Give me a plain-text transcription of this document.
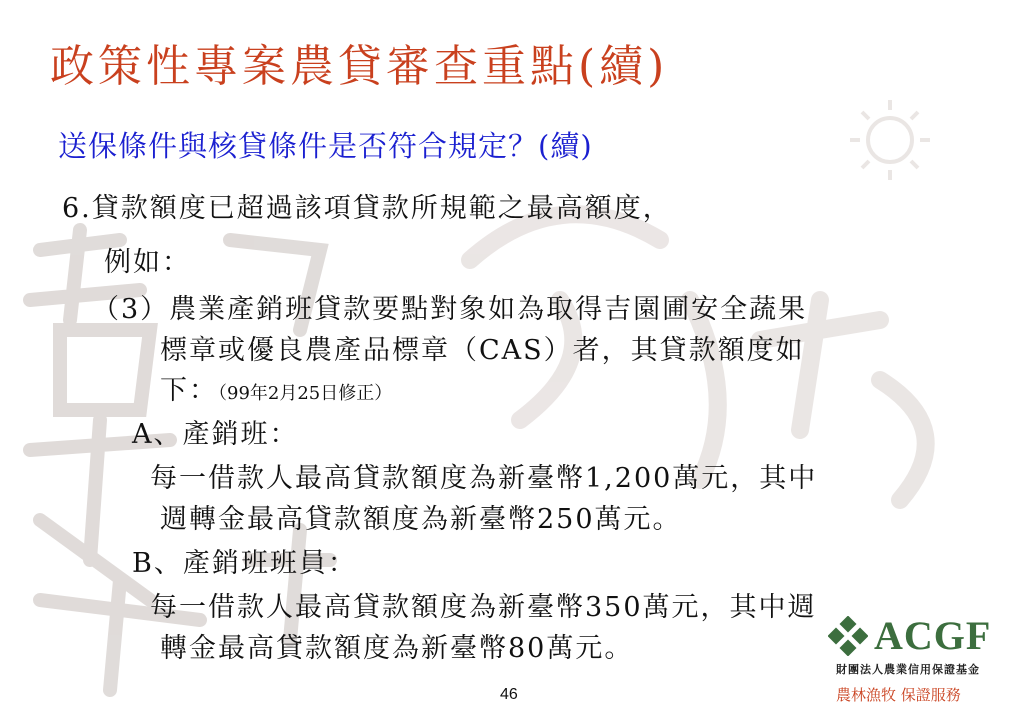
政策性專案農貸審查重點(續)
送保條件與核貸條件是否符合規定？(續)
6.貸款額度已超過該項貸款所規範之最高額度，
例如：
（3）農業產銷班貸款要點對象如為取得吉園圃安全蔬果
標章或優良農產品標章（CAS）者，其貸款額度如
下：（99年2月25日修正）
A、產銷班：
每一借款人最高貸款額度為新臺幣1,200萬元，其中
週轉金最高貸款額度為新臺幣250萬元。
B、產銷班班員：
每一借款人最高貸款額度為新臺幣350萬元，其中週
轉金最高貸款額度為新臺幣80萬元。
46
ACGF
財團法人農業信用保證基金
農林漁牧 保證服務
